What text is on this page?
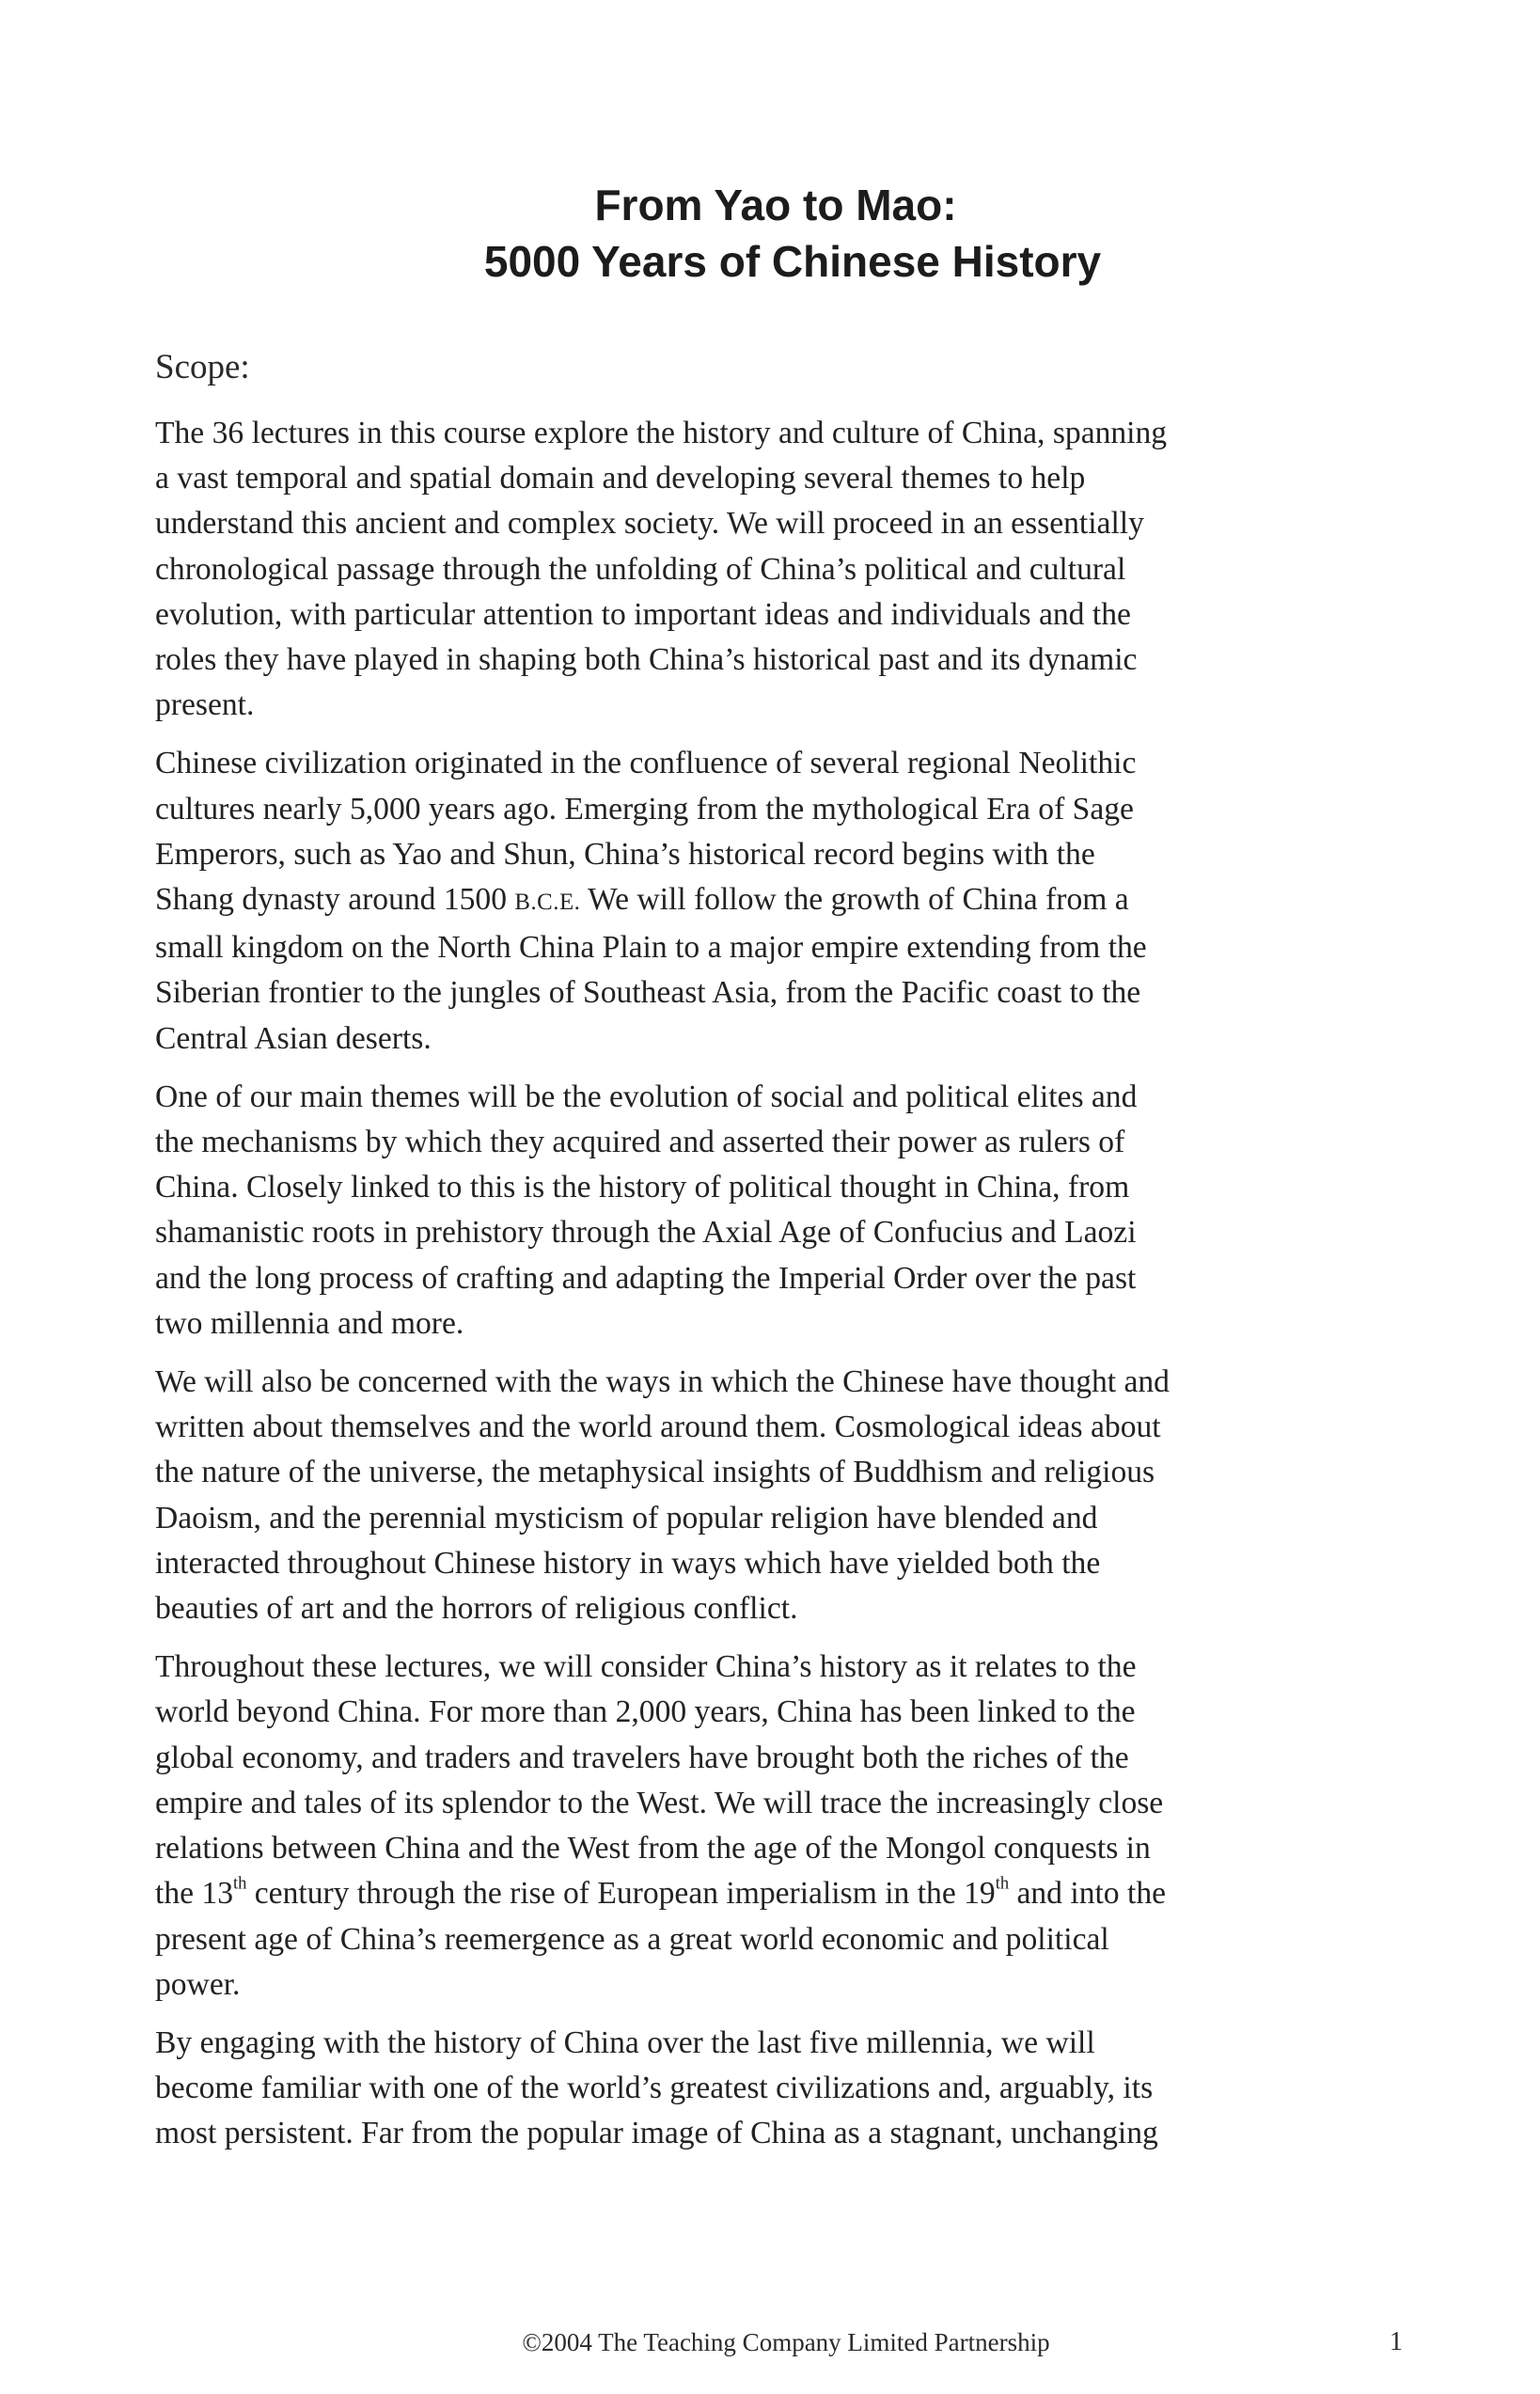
From Yao to Mao:
5000 Years of Chinese History
Scope:
The 36 lectures in this course explore the history and culture of China, spanning
a vast temporal and spatial domain and developing several themes to help
understand this ancient and complex society. We will proceed in an essentially
chronological passage through the unfolding of China’s political and cultural
evolution, with particular attention to important ideas and individuals and the
roles they have played in shaping both China’s historical past and its dynamic
present.
Chinese civilization originated in the confluence of several regional Neolithic
cultures nearly 5,000 years ago. Emerging from the mythological Era of Sage
Emperors, such as Yao and Shun, China’s historical record begins with the
Shang dynasty around 1500 B.C.E. We will follow the growth of China from a
small kingdom on the North China Plain to a major empire extending from the
Siberian frontier to the jungles of Southeast Asia, from the Pacific coast to the
Central Asian deserts.
One of our main themes will be the evolution of social and political elites and
the mechanisms by which they acquired and asserted their power as rulers of
China. Closely linked to this is the history of political thought in China, from
shamanistic roots in prehistory through the Axial Age of Confucius and Laozi
and the long process of crafting and adapting the Imperial Order over the past
two millennia and more.
We will also be concerned with the ways in which the Chinese have thought and
written about themselves and the world around them. Cosmological ideas about
the nature of the universe, the metaphysical insights of Buddhism and religious
Daoism, and the perennial mysticism of popular religion have blended and
interacted throughout Chinese history in ways which have yielded both the
beauties of art and the horrors of religious conflict.
Throughout these lectures, we will consider China’s history as it relates to the
world beyond China. For more than 2,000 years, China has been linked to the
global economy, and traders and travelers have brought both the riches of the
empire and tales of its splendor to the West. We will trace the increasingly close
relations between China and the West from the age of the Mongol conquests in
the 13th century through the rise of European imperialism in the 19th and into the
present age of China’s reemergence as a great world economic and political
power.
By engaging with the history of China over the last five millennia, we will
become familiar with one of the world’s greatest civilizations and, arguably, its
most persistent. Far from the popular image of China as a stagnant, unchanging
©2004 The Teaching Company Limited Partnership	1
